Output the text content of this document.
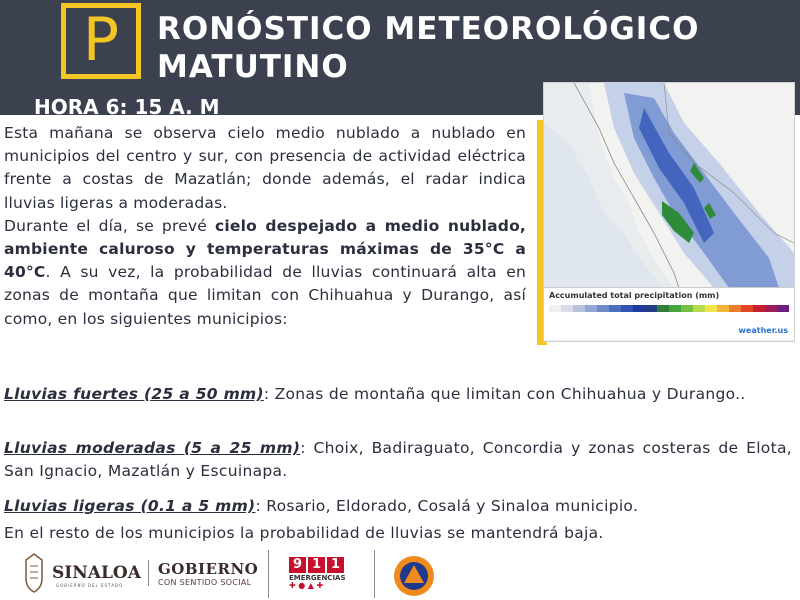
P	RONÓSTICO METEOROLÓGICO
MATUTINO
HORA 6: 15 A. M
Accumulated total precipitation (mm)
weather.us

Esta mañana se observa cielo medio nublado a nublado en municipios del centro y sur, con presencia de actividad eléctrica frente a costas de Mazatlán; donde además, el radar indica lluvias ligeras a moderadas.

Durante el día, se prevé cielo despejado a medio nublado, ambiente caluroso y temperaturas máximas de 35°C a 40°C. A su vez, la probabilidad de lluvias continuará alta en zonas de montaña que limitan con Chihuahua y Durango, así como, en los siguientes municipios:

Lluvias fuertes (25 a 50 mm): Zonas de montaña que limitan con Chihuahua y Durango..
Lluvias moderadas (5 a 25 mm): Choix, Badiraguato, Concordia y zonas costeras de Elota, San Ignacio, Mazatlán y Escuinapa.
Lluvias ligeras (0.1 a 5 mm): Rosario, Eldorado, Cosalá y Sinaloa municipio.
En el resto de los municipios la probabilidad de lluvias se mantendrá baja.
SINALOA
GOBIERNO DEL ESTADO
GOBIERNO
CON SENTIDO SOCIAL
9 1 1
EMERGENCIAS
✚ ● ▲ ✚
